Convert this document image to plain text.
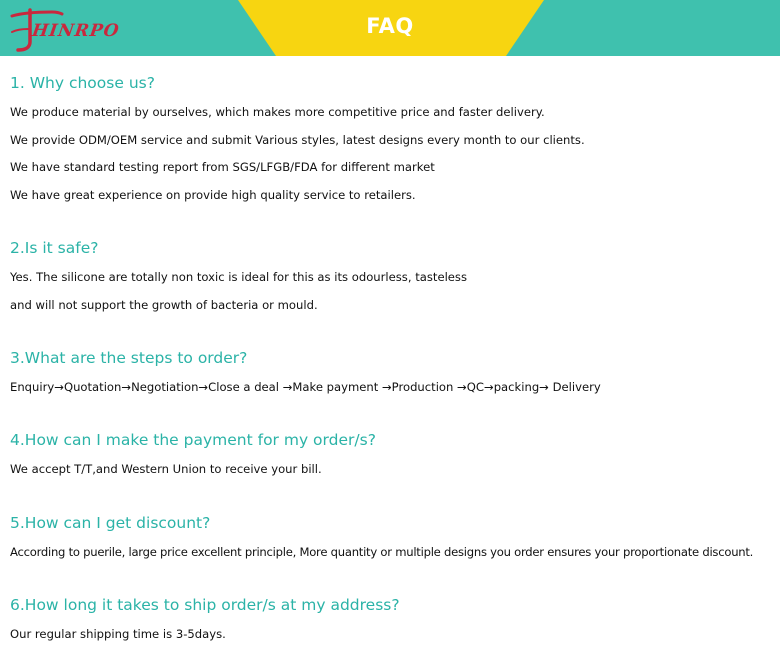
HINRPO	FAQ
1. Why choose us?
We produce material by ourselves, which makes more competitive price and faster delivery.
We provide ODM/OEM service and submit Various styles, latest designs every month to our clients.
We have standard testing report from SGS/LFGB/FDA for different market
We have great experience on provide high quality service to retailers.
2.Is it safe?
Yes. The silicone are totally non toxic is ideal for this as its odourless, tasteless
and will not support the growth of bacteria or mould.
3.What are the steps to order?
Enquiry→Quotation→Negotiation→Close a deal →Make payment →Production →QC→packing→ Delivery
4.How can I make the payment for my order/s?
We accept T/T,and Western Union to receive your bill.
5.How can I get discount?
According to puerile, large price excellent principle, More quantity or multiple designs you order ensures your proportionate discount.
6.How long it takes to ship order/s at my address?
Our regular shipping time is 3-5days.
